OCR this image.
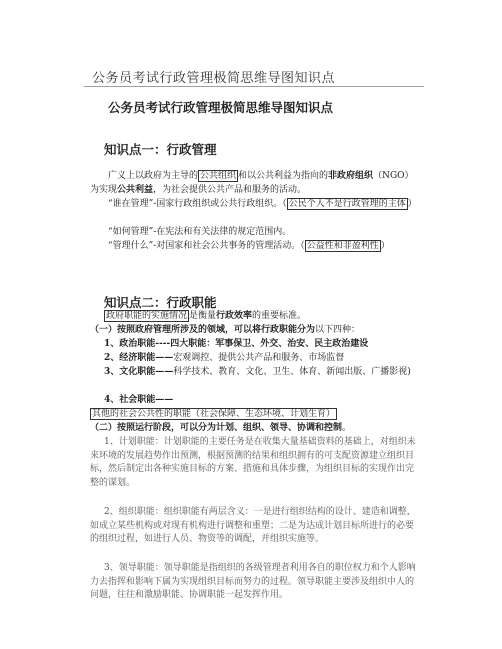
公务员考试行政管理极简思维导图知识点
公务员考试行政管理极简思维导图知识点
知识点一：行政管理
广义上以政府为主导的 公共组织 和以公共利益为指向的非政府组织（NGO）为实现公共利益，为社会提供公共产品和服务的活动。
“谁在管理”-国家行政组织或公共行政组织。（ 公民个人不是行政管理的主体 ）
“如何管理”-在宪法和有关法律的规定范围内。
“管理什么”-对国家和社会公共事务的管理活动。（ 公益性和非盈利性 ）
知识点二：行政职能
政府职能的实施情况 是衡量行政效率的重要标准。
（一）按照政府管理所涉及的领域，可以将行政职能分为以下四种：
1、政治职能----四大职能：军事保卫、外交、治安、民主政治建设
2、经济职能——宏观调控、提供公共产品和服务、市场监督
3、文化职能——科学技术、教育、文化、卫生、体育、新闻出版、广播影视)
4、社会职能——其他的社会公共性的职能（社会保障、生态环境、计划生育）
（二）按照运行阶段，可以分为计划、组织、领导、协调和控制。
1、计划职能：计划职能的主要任务是在收集大量基础资料的基础上，对组织未来环境的发展趋势作出预测，根据预测的结果和组织拥有的可支配资源建立组织目标，然后制定出各种实施目标的方案、措施和具体步骤，为组织目标的实现作出完整的谋划。
2、组织职能：组织职能有两层含义：一是进行组织结构的设计、建造和调整，如成立某些机构或对现有机构进行调整和重塑；二是为达成计划目标所进行的必要的组织过程，如进行人员、物资等的调配，并组织实施等。
3、领导职能：领导职能是指组织的各级管理者利用各自的职位权力和个人影响力去指挥和影响下属为实现组织目标而努力的过程。领导职能主要涉及组织中人的问题，往往和激励职能、协调职能一起发挥作用。
